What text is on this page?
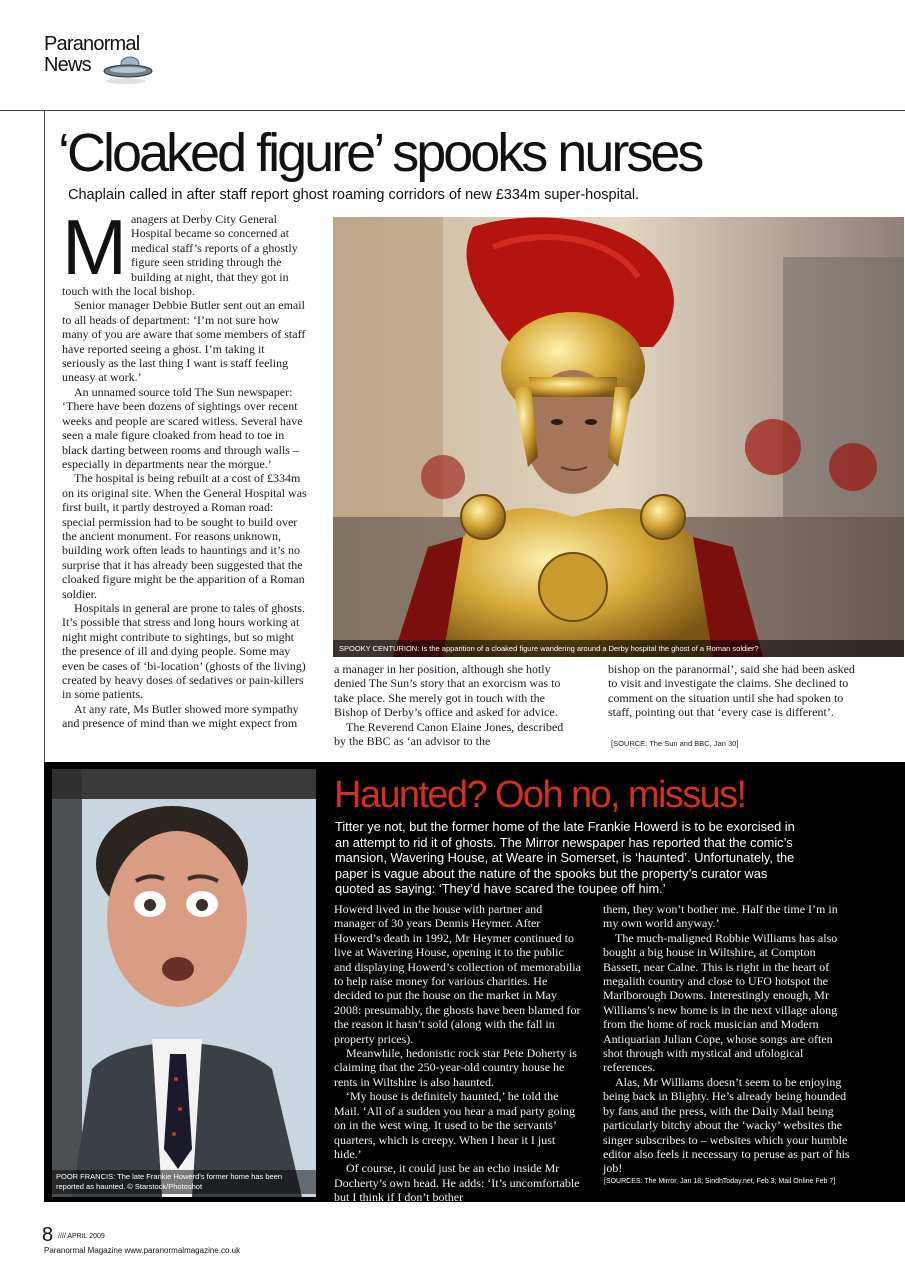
Paranormal
News
‘Cloaked figure’ spooks nurses
Chaplain called in after staff report ghost roaming corridors of new £334m super-hospital.

Managers at Derby City General Hospital became so concerned at medical staff’s reports of a ghostly figure seen striding through the building at night, that they got in touch with the local bishop.

Senior manager Debbie Butler sent out an email to all heads of department: ‘I’m not sure how many of you are aware that some members of staff have reported seeing a ghost. I’m taking it seriously as the last thing I want is staff feeling uneasy at work.’

An unnamed source told The Sun newspaper: ‘There have been dozens of sightings over recent weeks and people are scared witless. Several have seen a male figure cloaked from head to toe in black darting between rooms and through walls – especially in departments near the morgue.’

The hospital is being rebuilt at a cost of £334m on its original site. When the General Hospital was first built, it partly destroyed a Roman road: special permission had to be sought to build over the ancient monument. For reasons unknown, building work often leads to hauntings and it’s no surprise that it has already been suggested that the cloaked figure might be the apparition of a Roman soldier.

Hospitals in general are prone to tales of ghosts. It’s possible that stress and long hours working at night might contribute to sightings, but so might the presence of ill and dying people. Some may even be cases of ‘bi-location’ (ghosts of the living) created by heavy doses of sedatives or pain-killers in some patients.

At any rate, Ms Butler showed more sympathy and presence of mind than we might expect from

SPOOKY CENTURION: Is the apparition of a cloaked figure wandering around a Derby hospital the ghost of a Roman soldier?

a manager in her position, although she hotly denied The Sun’s story that an exorcism was to take place. She merely got in touch with the Bishop of Derby’s office and asked for advice.

The Reverend Canon Elaine Jones, described by the BBC as ‘an advisor to the

bishop on the paranormal’, said she had been asked to visit and investigate the claims. She declined to comment on the situation until she had spoken to staff, pointing out that ‘every case is different’.

[SOURCE: The Sun and BBC, Jan 30]
POOR FRANCIS: The late Frankie Howerd’s former home has been reported as haunted. © Starstock/Photoshot
Haunted? Ooh no, missus!
Titter ye not, but the former home of the late Frankie Howerd is to be exorcised in an attempt to rid it of ghosts. The Mirror newspaper has reported that the comic’s mansion, Wavering House, at Weare in Somerset, is ‘haunted’. Unfortunately, the paper is vague about the nature of the spooks but the property’s curator was quoted as saying: ‘They’d have scared the toupee off him.’

Howerd lived in the house with partner and manager of 30 years Dennis Heymer. After Howerd’s death in 1992, Mr Heymer continued to live at Wavering House, opening it to the public and displaying Howerd’s collection of memorabilia to help raise money for various charities. He decided to put the house on the market in May 2008: presumably, the ghosts have been blamed for the reason it hasn’t sold (along with the fall in property prices).

Meanwhile, hedonistic rock star Pete Doherty is claiming that the 250-year-old country house he rents in Wiltshire is also haunted.

‘My house is definitely haunted,’ he told the Mail. ‘All of a sudden you hear a mad party going on in the west wing. It used to be the servants’ quarters, which is creepy. When I hear it I just hide.’

Of course, it could just be an echo inside Mr Docherty’s own head. He adds: ‘It’s uncomfortable but I think if I don’t bother

them, they won’t bother me. Half the time I’m in my own world anyway.’

The much-maligned Robbie Williams has also bought a big house in Wiltshire, at Compton Bassett, near Calne. This is right in the heart of megalith country and close to UFO hotspot the Marlborough Downs. Interestingly enough, Mr Williams’s new home is in the next village along from the home of rock musician and Modern Antiquarian Julian Cope, whose songs are often shot through with mystical and ufological references.

Alas, Mr Williams doesn’t seem to be enjoying being back in Blighty. He’s already being hounded by fans and the press, with the Daily Mail being particularly bitchy about the ‘wacky’ websites the singer subscribes to – websites which your humble editor also feels it necessary to peruse as part of his job!

[SOURCES: The Mirror, Jan 18; SindhToday.net, Feb 3; Mail Online Feb 7]
8 //// APRIL 2009
Paranormal Magazine www.paranormalmagazine.co.uk
